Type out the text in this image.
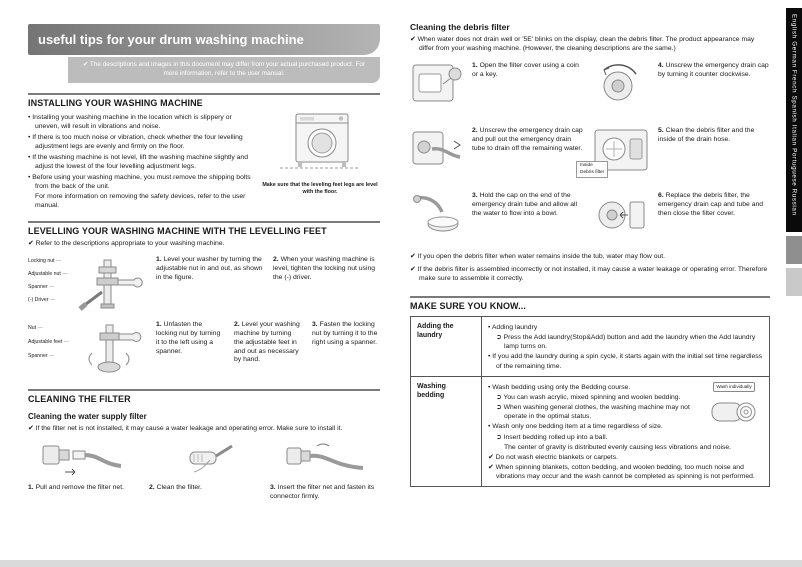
useful tips for your drum washing machine
✔ The descriptions and images in this document may differ from your actual purchased product. For more information, refer to the user manual.
INSTALLING YOUR WASHING MACHINE
• Installing your washing machine in the location which is slippery or uneven, will result in vibrations and noise.
• If there is too much noise or vibration, check whether the four levelling adjustment legs are evenly and firmly on the floor.
• If the washing machine is not level, lift the washing machine slightly and adjust the lowest of the four levelling adjustment legs.
• Before using your washing machine, you must remove the shipping bolts from the back of the unit.
For more information on removing the safety devices, refer to the user manual.
Make sure that the leveling feet legs are level with the floor.
LEVELLING YOUR WASHING MACHINE WITH THE LEVELLING FEET
✔ Refer to the descriptions appropriate to your washing machine.
Locking nut —
Adjustable nut —
Spanner —
(-) Driver —
1. Level your washer by turning the adjustable nut in and out, as shown in the figure.
2. When your washing machine is level, tighten the locking nut using the (-) driver.
Nut —
Adjustable feet —
Spanner —
1. Unfasten the locking nut by turning it to the left using a spanner.
2. Level your washing machine by turning the adjustable feet in and out as necessary by hand.
3. Fasten the locking nut by turning it to the right using a spanner.
CLEANING THE FILTER
Cleaning the water supply filter
✔ If the filter net is not installed, it may cause a water leakage and operating error. Make sure to install it.
1. Pull and remove the filter net.	2. Clean the filter.	3. Insert the filter net and fasten its connector firmly.
Cleaning the debris filter
✔ When water does not drain well or '5E' blinks on the display, clean the debris filter. The product appearance may differ from your washing machine. (However, the cleaning descriptions are the same.)
1. Open the filter cover using a coin or a key.
4. Unscrew the emergency drain cap by turning it counter clockwise.
2. Unscrew the emergency drain cap and pull out the emergency drain tube to drain off the remaining water.
Inside
Debris filter
5. Clean the debris filter and the inside of the drain hose.
3. Hold the cap on the end of the emergency drain tube and allow all the water to flow into a bowl.
6. Replace the debris filter, the emergency drain cap and tube and then close the filter cover.
✔ If you open the debris filter when water remains inside the tub, water may flow out.
✔ If the debris filter is assembled incorrectly or not installed, it may cause a water leakage or operating error. Therefore make sure to assemble it correctly.
MAKE SURE YOU KNOW...
Adding the laundry	• Adding laundry
➲ Press the Add laundry(Stop&Add) button and add the laundry when the Add laundry lamp turns on.
• If you add the laundry during a spin cycle, it starts again with the initial set time regardless of the remaining time.

Washing bedding	
Wash individually
• Wash bedding using only the Bedding course.
➲ You can wash acrylic, mixed spinning and woolen bedding.
➲ When washing general clothes, the washing machine may not operate in the optimal status.
• Wash only one bedding item at a time regardless of size.
➲ Insert bedding rolled up into a ball.
The center of gravity is distributed evenly causing less vibrations and noise.
✔ Do not wash electric blankets or carpets.
✔ When spinning blankets, cotton bedding, and woolen bedding, too much noise and vibrations may occur and the wash cannot be completed as spinning is not performed.
English German French Spanish Italian Portuguese Russian
